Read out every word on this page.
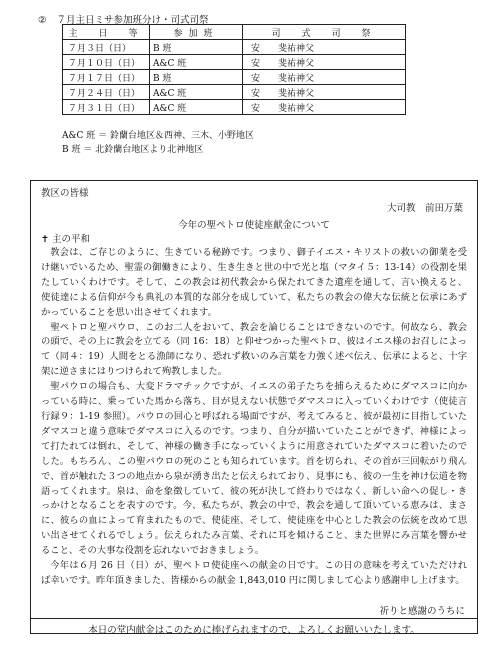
② ７月主日ミサ参加班分け・司式司祭
主　日　等	参加班	司　式　司　祭
７月３日（日）	B 班	安 斐祐神父
７月１０日（日）	A&C 班	安 斐祐神父
７月１７日（日）	B 班	安 斐祐神父
７月２４日（日）	A&C 班	安 斐祐神父
７月３１日（日）	A&C 班	安 斐祐神父
A&C 班 ＝ 鈴蘭台地区＆西神、三木、小野地区
B 班 ＝ 北鈴蘭台地区より北神地区
教区の皆様
大司教　前田万葉
今年の聖ペトロ使徒座献金について
✝ 主の平和

教会は、ご存じのように、生きている秘跡です。つまり、御子イエス・キリストの救いの御業を受け継いでいるため、聖霊の御働きにより、生き生きと世の中で光と塩（マタイ５：13-14）の役割を果たしていくわけです。そして、この教会は初代教会から保たれてきた遺産を通して、言い換えると、使徒達による信仰が今も典礼の本質的な部分を成していて、私たちの教会の偉大な伝統と伝承にあずかっていることを思い出させてくれます。

聖ペトロと聖パウロ、このお二人をおいて、教会を論じることはできないのです。何故なら、教会の頭で、その上に教会を立てる（同 16：18）と仰せつかった聖ペトロ、彼はイエス様のお召しによって（同４：19）人間をとる漁師になり、恐れず救いのみ言葉を力強く述べ伝え、伝承によると、十字架に逆さまにはりつけられて殉教しました。

聖パウロの場合も、大変ドラマチックですが、イエスの弟子たちを捕らえるためにダマスコに向かっている時に、乗っていた馬から落ち、目が見えない状態でダマスコに入っていくわけです（使徒言行録９：1-19 参照）。パウロの回心と呼ばれる場面ですが、考えてみると、彼が最初に目指していたダマスコと違う意味でダマスコに入るのです。つまり、自分が描いていたことができず、神様によって打たれては倒れ、そして、神様の働き手になっていくように用意されていたダマスコに着いたのでした。もちろん、この聖パウロの死のことも知られています。首を切られ、その首が三回転がり飛んで、首が触れた３つの地点から泉が湧き出たと伝えられており、見事にも、彼の一生を神け伝道を物語ってくれます。泉は、命を象徴していて、彼の死が決して終わりではなく、新しい命への促し・きっかけとなることを表すのです。今、私たちが、教会の中で、教会を通して頂いている恵みは、まさに、彼らの血によって育まれたもので、使徒座、そして、使徒座を中心とした教会の伝統を改めて思い出させてくれるでしょう。伝えられたみ言葉、それに耳を傾けること、また世界にみ言葉を響かせること、その大事な役割を忘れないでおきましょう。

今年は６月 26 日（日）が、聖ペトロ使徒座への献金の日です。この日の意味を考えていただければ幸いです。昨年頂きました、皆様からの献金 1,843,010 円に関しまして心より感謝申し上げます。

祈りと感謝のうちに
本日の堂内献金はこのために捧げられますので、よろしくお願いいたします。
